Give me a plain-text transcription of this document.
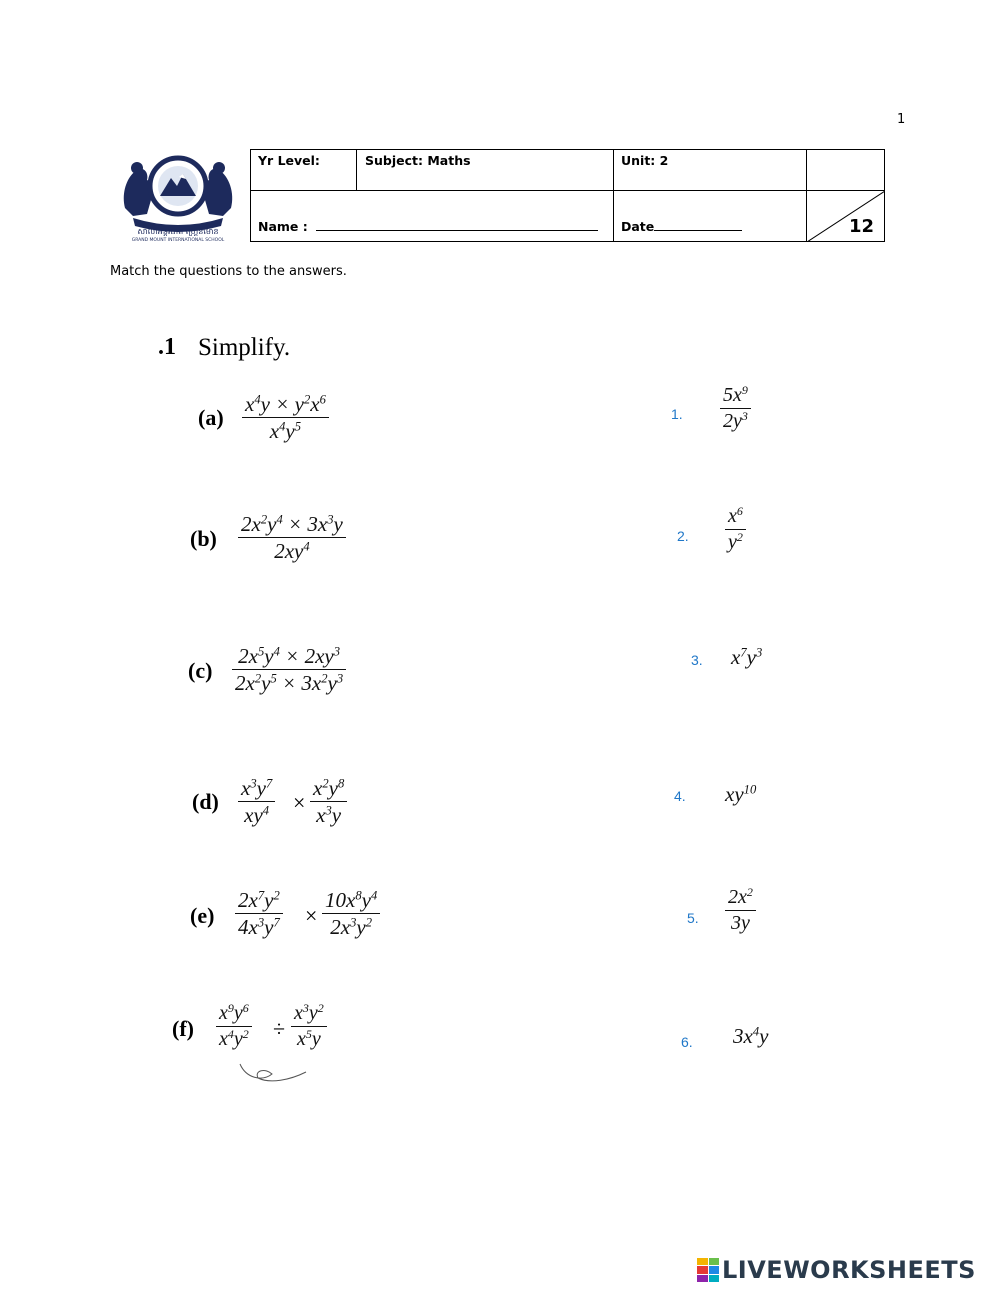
1
សាលាអន្តរជាតិ ហ្គ្រេនម៉ោន
GRAND MOUNT INTERNATIONAL SCHOOL
Yr Level:	Subject: Maths	Unit: 2
Name :	Date	12
Match the questions to the answers.
.1 Simplify.
(a)
$x^4y \times y^2x^6$
$x^4y^5$
(b)
$2x^2y^4 \times 3x^3y$
$2xy^4$
(c)
$2x^5y^4 \times 2xy^3$
$2x^2y^5 \times 3x^2y^3$
(d)
$x^3y^7$
$xy^4$ ×
$x^2y^8$
$x^3y$
(e)
$2x^7y^2$
$4x^3y^7$ ×
$10x^8y^4$
$2x^3y^2$
(f)
$x^9y^6$
$x^4y^2$ ÷
$x^3y^2$
$x^5y$
1.
$5x^9$
$2y^3$
2.
$x^6$
$y^2$
3. $x^7y^3$
4. $xy^{10}$
5.
$2x^2$
3y
6. $3x^4y$
LIVEWORKSHEETS
